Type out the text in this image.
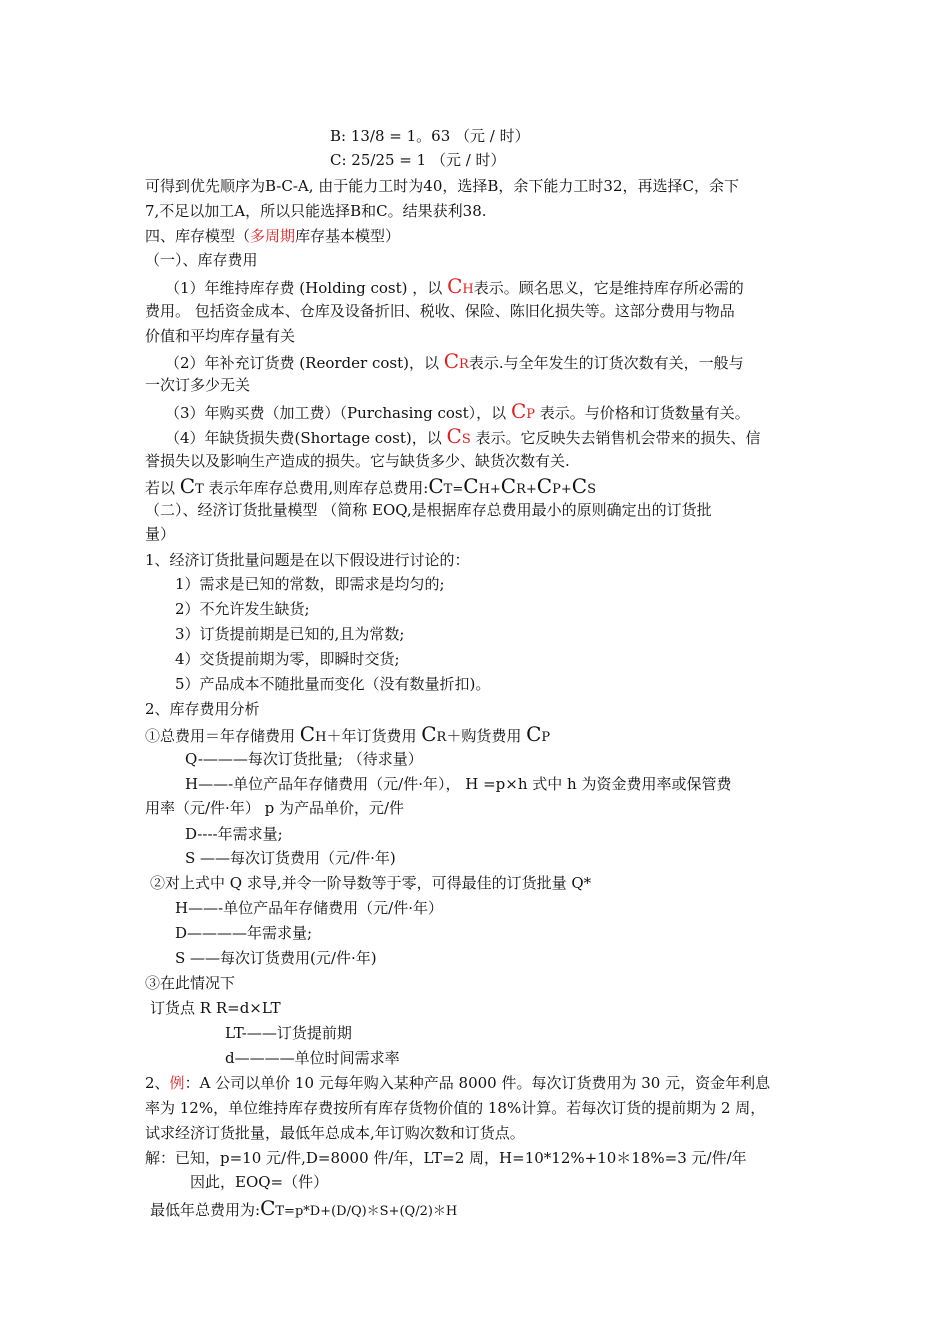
B: 13/8 = 1。63 （元 / 时）
C: 25/25 = 1 （元 / 时）
可得到优先顺序为B-C-A, 由于能力工时为40，选择B，余下能力工时32，再选择C，余下
7,不足以加工A，所以只能选择B和C。结果获利38.
四、库存模型（多周期库存基本模型）
（一）、库存费用
（1）年维持库存费 (Holding cost) ，以 CH表示。顾名思义，它是维持库存所必需的
费用。 包括资金成本、仓库及设备折旧、税收、保险、陈旧化损失等。这部分费用与物品
价值和平均库存量有关
（2）年补充订货费 (Reorder cost)，以 CR表示.与全年发生的订货次数有关，一般与
一次订多少无关
（3）年购买费（加工费）（Purchasing cost），以 CP 表示。与价格和订货数量有关。
（4）年缺货损失费(Shortage cost)，以 CS 表示。它反映失去销售机会带来的损失、信
誉损失以及影响生产造成的损失。它与缺货多少、缺货次数有关.
若以 CT 表示年库存总费用,则库存总费用:CT=CH+CR+CP+CS
（二）、经济订货批量模型 （简称 EOQ,是根据库存总费用最小的原则确定出的订货批
量）
1、经济订货批量问题是在以下假设进行讨论的：
1）需求是已知的常数，即需求是均匀的;
2）不允许发生缺货;
3）订货提前期是已知的,且为常数;
4）交货提前期为零，即瞬时交货;
5）产品成本不随批量而变化（没有数量折扣)。
2、库存费用分析
①总费用＝年存储费用 CH＋年订货费用 CR＋购货费用 CP
Q-———每次订货批量; （待求量）
H——-单位产品年存储费用（元/件·年）， H =p×h 式中 h 为资金费用率或保管费
用率（元/件·年） p 为产品单价，元/件
D----年需求量;
S ——每次订货费用（元/件·年)
②对上式中 Q 求导,并令一阶导数等于零，可得最佳的订货批量 Q*
H——-单位产品年存储费用（元/件·年）
D————年需求量;
S ——每次订货费用(元/件·年)
③在此情况下
订货点 R R=d×LT
LT-——订货提前期
d————单位时间需求率
2、例：A 公司以单价 10 元每年购入某种产品 8000 件。每次订货费用为 30 元，资金年利息
率为 12%，单位维持库存费按所有库存货物价值的 18%计算。若每次订货的提前期为 2 周，
试求经济订货批量，最低年总成本,年订购次数和订货点。
解：已知，p=10 元/件,D=8000 件/年，LT=2 周，H=10*12%+10＊18%=3 元/件/年
因此，EOQ=（件）
最低年总费用为:CT=p*D+(D/Q)＊S+(Q/2)＊H
